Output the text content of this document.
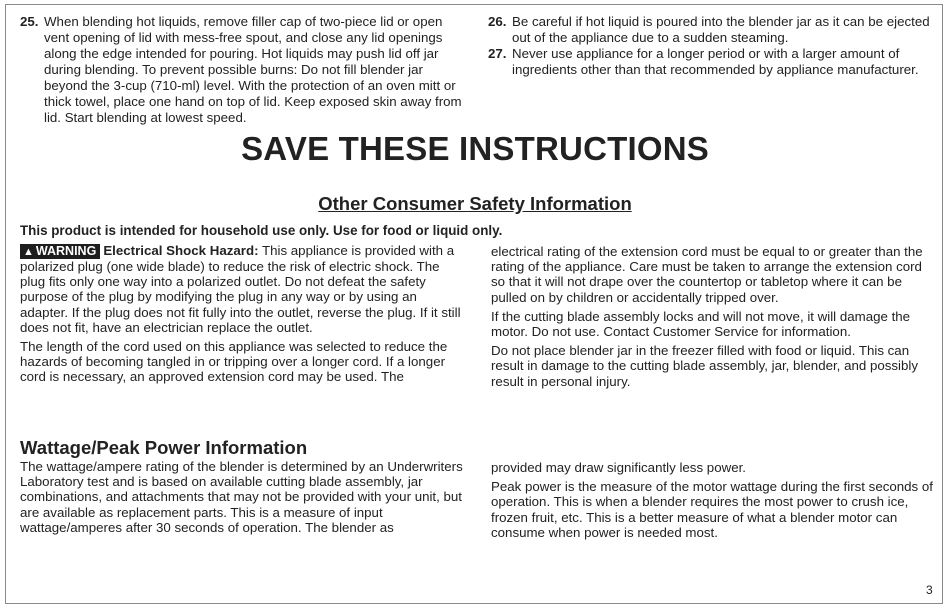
25. When blending hot liquids, remove filler cap of two-piece lid or open vent opening of lid with mess-free spout, and close any lid openings along the edge intended for pouring. Hot liquids may push lid off jar during blending. To prevent possible burns: Do not fill blender jar beyond the 3-cup (710-ml) level. With the protection of an oven mitt or thick towel, place one hand on top of lid. Keep exposed skin away from lid. Start blending at lowest speed.
26. Be careful if hot liquid is poured into the blender jar as it can be ejected out of the appliance due to a sudden steaming.
27. Never use appliance for a longer period or with a larger amount of ingredients other than that recommended by appliance manufacturer.
SAVE THESE INSTRUCTIONS
Other Consumer Safety Information

This product is intended for household use only. Use for food or liquid only.

▲ WARNING Electrical Shock Hazard: This appliance is provided with a polarized plug (one wide blade) to reduce the risk of electric shock. The plug fits only one way into a polarized outlet. Do not defeat the safety purpose of the plug by modifying the plug in any way or by using an adapter. If the plug does not fit fully into the outlet, reverse the plug. If it still does not fit, have an electrician replace the outlet.

The length of the cord used on this appliance was selected to reduce the hazards of becoming tangled in or tripping over a longer cord. If a longer cord is necessary, an approved extension cord may be used. The

electrical rating of the extension cord must be equal to or greater than the rating of the appliance. Care must be taken to arrange the extension cord so that it will not drape over the countertop or tabletop where it can be pulled on by children or accidentally tripped over.

If the cutting blade assembly locks and will not move, it will damage the motor. Do not use. Contact Customer Service for information.

Do not place blender jar in the freezer filled with food or liquid. This can result in damage to the cutting blade assembly, jar, blender, and possibly result in personal injury.

Wattage/Peak Power Information

The wattage/ampere rating of the blender is determined by an Underwriters Laboratory test and is based on available cutting blade assembly, jar combinations, and attachments that may not be provided with your unit, but are available as replacement parts. This is a measure of input wattage/amperes after 30 seconds of operation. The blender as

provided may draw significantly less power.

Peak power is the measure of the motor wattage during the first seconds of operation. This is when a blender requires the most power to crush ice, frozen fruit, etc. This is a better measure of what a blender motor can consume when power is needed most.

3
